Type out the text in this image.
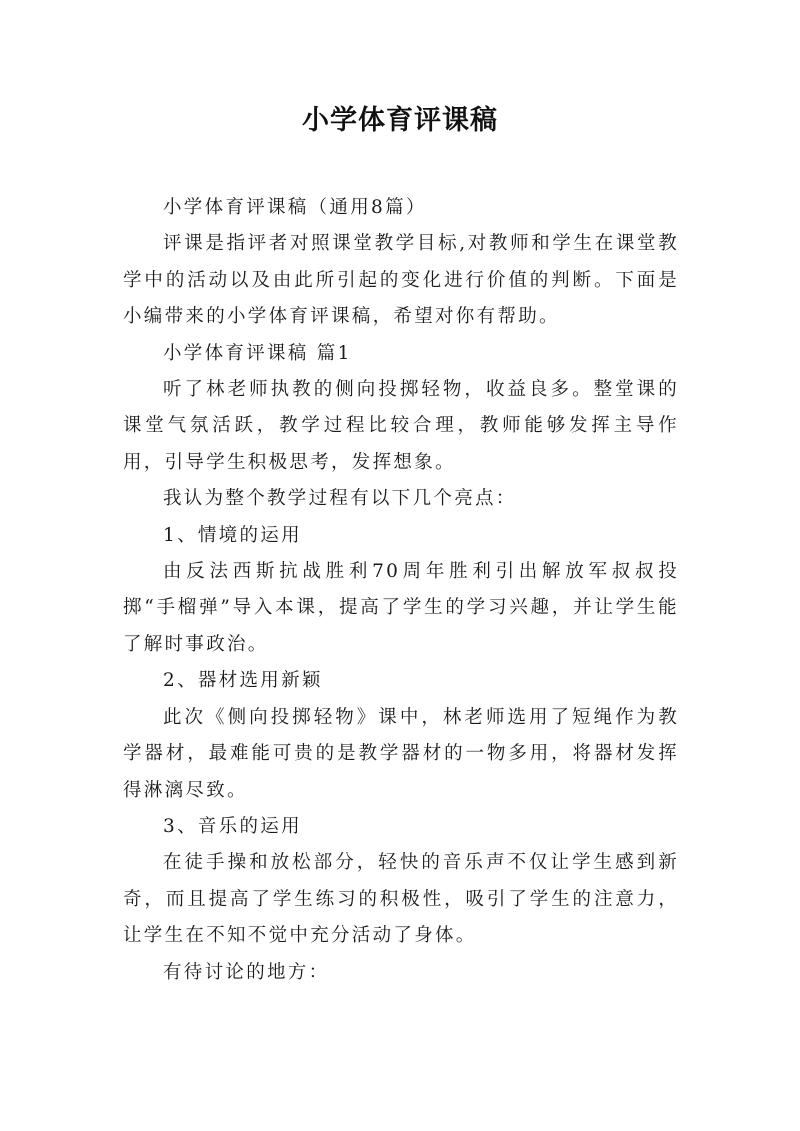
小学体育评课稿

小学体育评课稿（通用8篇）

评课是指评者对照课堂教学目标,对教师和学生在课堂教学中的活动以及由此所引起的变化进行价值的判断。下面是小编带来的小学体育评课稿，希望对你有帮助。

小学体育评课稿 篇1

听了林老师执教的侧向投掷轻物，收益良多。整堂课的课堂气氛活跃，教学过程比较合理，教师能够发挥主导作用，引导学生积极思考，发挥想象。

我认为整个教学过程有以下几个亮点：

1、情境的运用

由反法西斯抗战胜利70周年胜利引出解放军叔叔投掷“手榴弹”导入本课，提高了学生的学习兴趣，并让学生能了解时事政治。

2、器材选用新颖

此次《侧向投掷轻物》课中，林老师选用了短绳作为教学器材，最难能可贵的是教学器材的一物多用，将器材发挥得淋漓尽致。

3、音乐的运用

在徒手操和放松部分，轻快的音乐声不仅让学生感到新奇，而且提高了学生练习的积极性，吸引了学生的注意力，让学生在不知不觉中充分活动了身体。

有待讨论的地方：
